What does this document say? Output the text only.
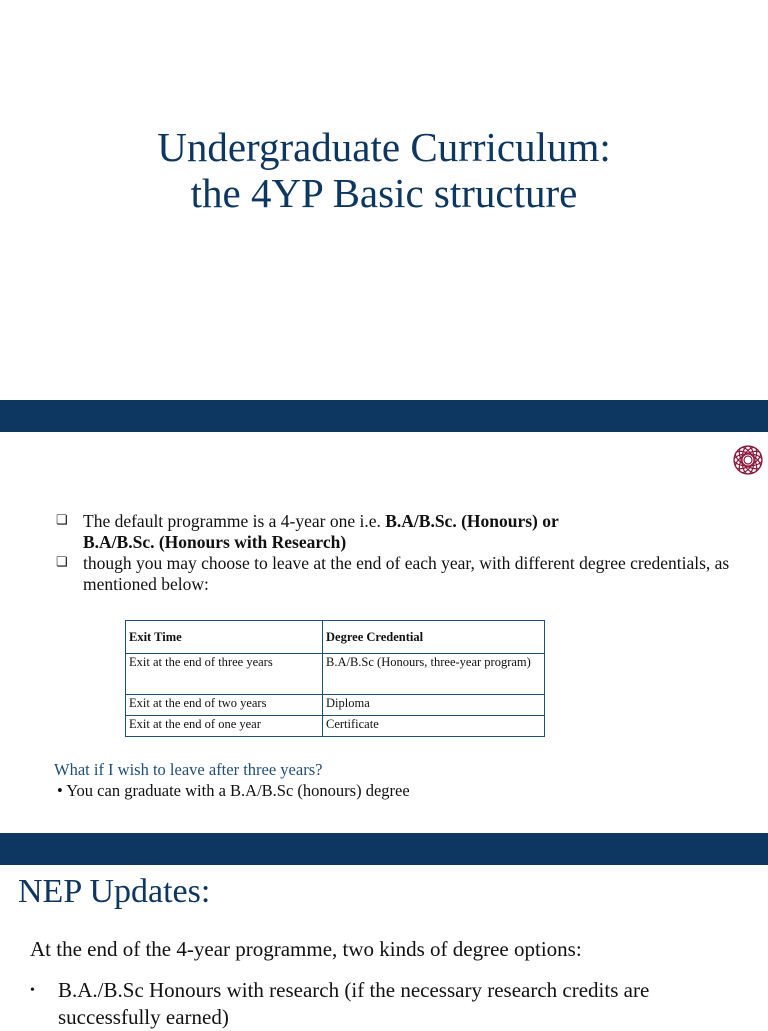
Undergraduate Curriculum:
the 4YP Basic structure
❏ The default programme is a 4-year one i.e. B.A/B.Sc. (Honours) or
B.A/B.Sc. (Honours with Research)
❏ though you may choose to leave at the end of each year, with different degree credentials, as mentioned below:
Exit Time	Degree Credential
Exit at the end of three years	B.A/B.Sc (Honours, three-year program)
Exit at the end of two years	Diploma
Exit at the end of one year	Certificate
What if I wish to leave after three years?
• You can graduate with a B.A/B.Sc (honours) degree
NEP Updates:
At the end of the 4-year programme, two kinds of degree options:
• B.A./B.Sc Honours with research (if the necessary research credits are successfully earned)
